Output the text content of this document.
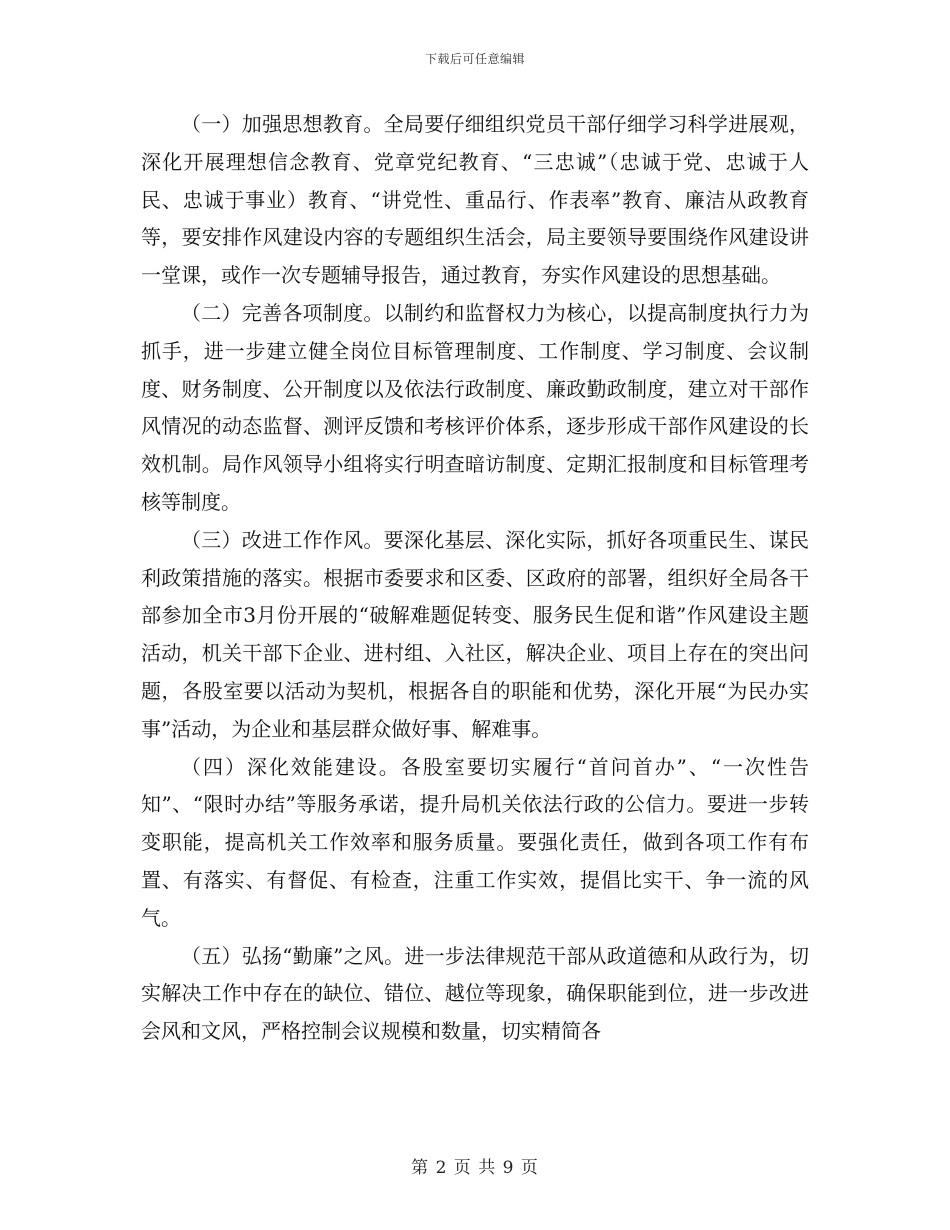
下载后可任意编辑

（一）加强思想教育。全局要仔细组织党员干部仔细学习科学进展观，深化开展理想信念教育、党章党纪教育、“三忠诚”（忠诚于党、忠诚于人民、忠诚于事业）教育、“讲党性、重品行、作表率”教育、廉洁从政教育等，要安排作风建设内容的专题组织生活会，局主要领导要围绕作风建设讲一堂课，或作一次专题辅导报告，通过教育，夯实作风建设的思想基础。

（二）完善各项制度。以制约和监督权力为核心，以提高制度执行力为抓手，进一步建立健全岗位目标管理制度、工作制度、学习制度、会议制度、财务制度、公开制度以及依法行政制度、廉政勤政制度，建立对干部作风情况的动态监督、测评反馈和考核评价体系，逐步形成干部作风建设的长效机制。局作风领导小组将实行明查暗访制度、定期汇报制度和目标管理考核等制度。

（三）改进工作作风。要深化基层、深化实际，抓好各项重民生、谋民利政策措施的落实。根据市委要求和区委、区政府的部署，组织好全局各干部参加全市3月份开展的“破解难题促转变、服务民生促和谐”作风建设主题活动，机关干部下企业、进村组、入社区，解决企业、项目上存在的突出问题，各股室要以活动为契机，根据各自的职能和优势，深化开展“为民办实事”活动，为企业和基层群众做好事、解难事。

（四）深化效能建设。各股室要切实履行“首问首办”、“一次性告知”、“限时办结”等服务承诺，提升局机关依法行政的公信力。要进一步转变职能，提高机关工作效率和服务质量。要强化责任，做到各项工作有布置、有落实、有督促、有检查，注重工作实效，提倡比实干、争一流的风气。

（五）弘扬“勤廉”之风。进一步法律规范干部从政道德和从政行为，切实解决工作中存在的缺位、错位、越位等现象，确保职能到位，进一步改进会风和文风，严格控制会议规模和数量，切实精简各

第 2 页 共 9 页
